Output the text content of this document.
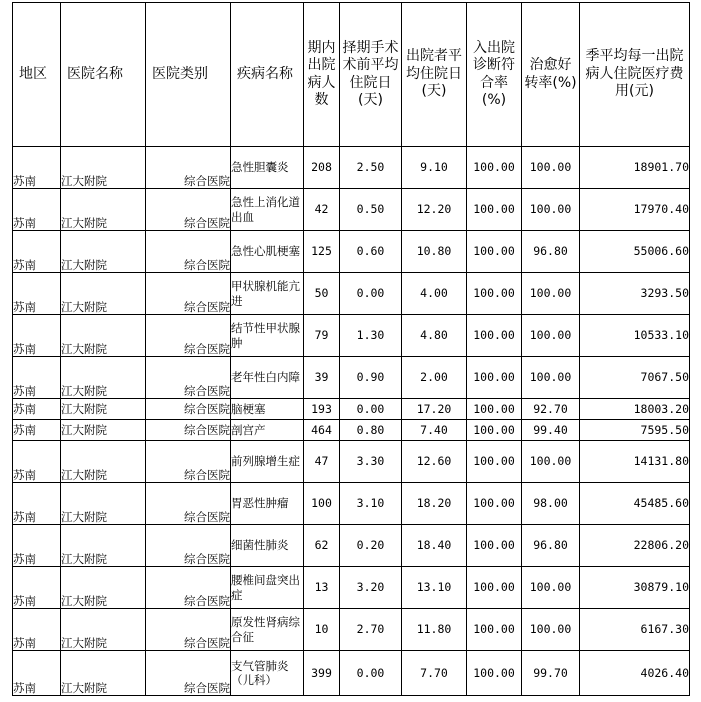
地区	医院名称	医院类别	疾病名称	期内出院病人数	择期手术术前平均住院日(天)	出院者平均住院日(天)	入出院诊断符合率(%)	治愈好转率(%)	季平均每一出院病人住院医疗费用(元)
苏南	江大附院	综合医院	急性胆囊炎	208	2.50	9.10	100.00	100.00	18901.70
苏南	江大附院	综合医院	急性上消化道出血	42	0.50	12.20	100.00	100.00	17970.40
苏南	江大附院	综合医院	急性心肌梗塞	125	0.60	10.80	100.00	96.80	55006.60
苏南	江大附院	综合医院	甲状腺机能亢进	50	0.00	4.00	100.00	100.00	3293.50
苏南	江大附院	综合医院	结节性甲状腺肿	79	1.30	4.80	100.00	100.00	10533.10
苏南	江大附院	综合医院	老年性白内障	39	0.90	2.00	100.00	100.00	7067.50
苏南	江大附院	综合医院	脑梗塞	193	0.00	17.20	100.00	92.70	18003.20
苏南	江大附院	综合医院	剖宫产	464	0.80	7.40	100.00	99.40	7595.50
苏南	江大附院	综合医院	前列腺增生症	47	3.30	12.60	100.00	100.00	14131.80
苏南	江大附院	综合医院	胃恶性肿瘤	100	3.10	18.20	100.00	98.00	45485.60
苏南	江大附院	综合医院	细菌性肺炎	62	0.20	18.40	100.00	96.80	22806.20
苏南	江大附院	综合医院	腰椎间盘突出症	13	3.20	13.10	100.00	100.00	30879.10
苏南	江大附院	综合医院	原发性肾病综合征	10	2.70	11.80	100.00	100.00	6167.30
苏南	江大附院	综合医院	支气管肺炎（儿科）	399	0.00	7.70	100.00	99.70	4026.40
